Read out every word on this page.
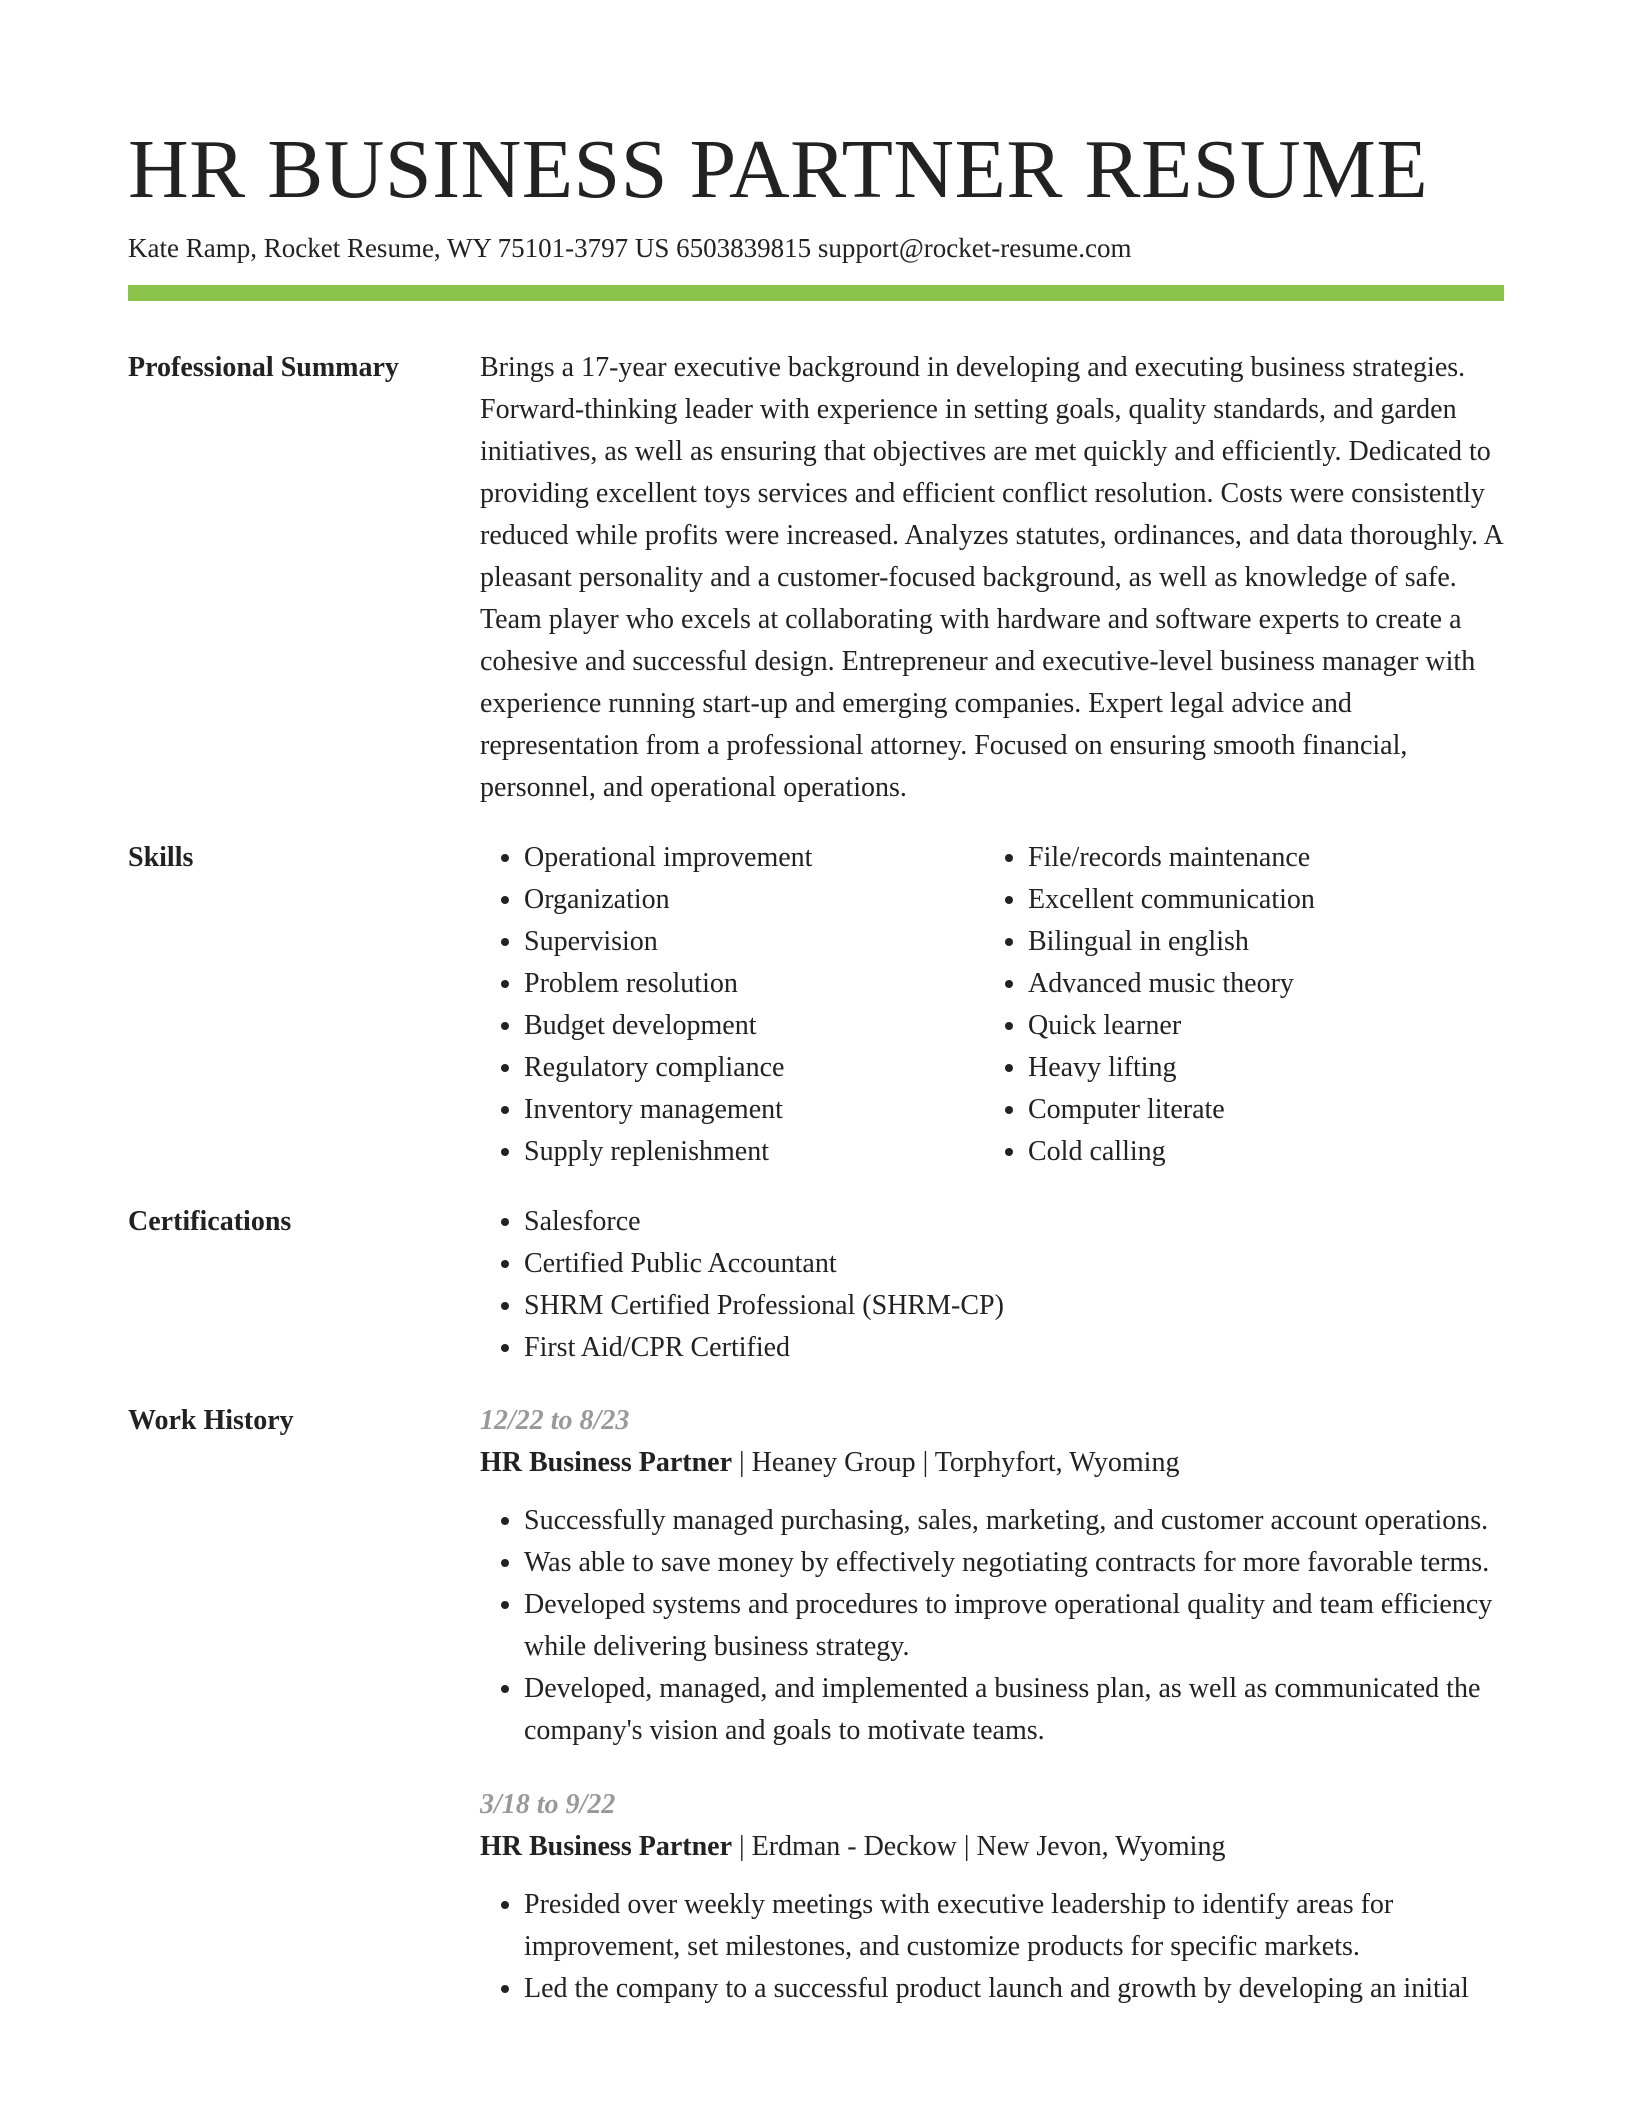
HR BUSINESS PARTNER RESUME
Kate Ramp, Rocket Resume, WY 75101-3797 US 6503839815 support@rocket-resume.com
Professional Summary	Brings a 17-year executive background in developing and executing business strategies. Forward-thinking leader with experience in setting goals, quality standards, and garden initiatives, as well as ensuring that objectives are met quickly and efficiently. Dedicated to providing excellent toys services and efficient conflict resolution. Costs were consistently reduced while profits were increased. Analyzes statutes, ordinances, and data thoroughly. A pleasant personality and a customer-focused background, as well as knowledge of safe. Team player who excels at collaborating with hardware and software experts to create a cohesive and successful design. Entrepreneur and executive-level business manager with experience running start-up and emerging companies. Expert legal advice and representation from a professional attorney. Focused on ensuring smooth financial, personnel, and operational operations.

Skills	• Operational improvement
• Organization
• Supervision
• Problem resolution
• Budget development
• Regulatory compliance
• Inventory management
• Supply replenishment
• File/records maintenance
• Excellent communication
• Bilingual in english
• Advanced music theory
• Quick learner
• Heavy lifting
• Computer literate
• Cold calling
Certifications	• Salesforce
• Certified Public Accountant
• SHRM Certified Professional (SHRM-CP)
• First Aid/CPR Certified
Work History	12/22 to 8/23
HR Business Partner | Heaney Group | Torphyfort, Wyoming
• Successfully managed purchasing, sales, marketing, and customer account operations.
• Was able to save money by effectively negotiating contracts for more favorable terms.
• Developed systems and procedures to improve operational quality and team efficiency while delivering business strategy.
• Developed, managed, and implemented a business plan, as well as communicated the company's vision and goals to motivate teams.
3/18 to 9/22
HR Business Partner | Erdman - Deckow | New Jevon, Wyoming
• Presided over weekly meetings with executive leadership to identify areas for improvement, set milestones, and customize products for specific markets.
• Led the company to a successful product launch and growth by developing an initial
